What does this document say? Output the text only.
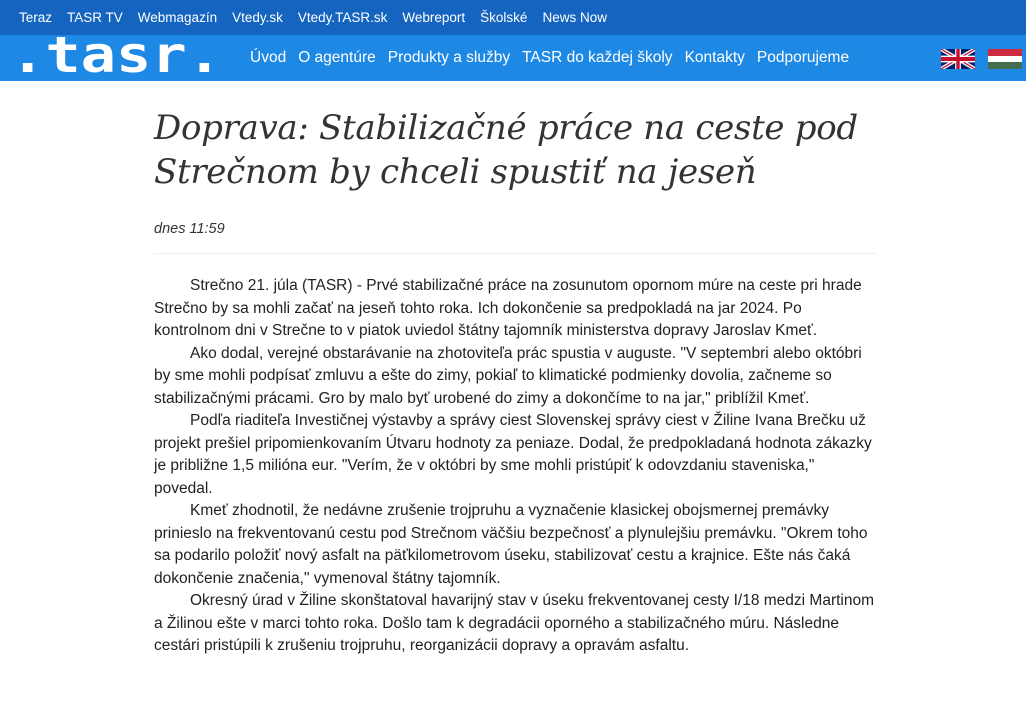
Teraz TASR TV Webmagazín Vtedy.sk Vtedy.TASR.sk Webreport Školské News Now
.tasr. Úvod O agentúre Produkty a služby TASR do každej školy Kontakty Podporujeme
Doprava: Stabilizačné práce na ceste pod Strečnom by chceli spustiť na jeseň
dnes 11:59

Strečno 21. júla (TASR) - Prvé stabilizačné práce na zosunutom opornom múre na ceste pri hrade Strečno by sa mohli začať na jeseň tohto roka. Ich dokončenie sa predpokladá na jar 2024. Po kontrolnom dni v Strečne to v piatok uviedol štátny tajomník ministerstva dopravy Jaroslav Kmeť.

Ako dodal, verejné obstarávanie na zhotoviteľa prác spustia v auguste. "V septembri alebo októbri by sme mohli podpísať zmluvu a ešte do zimy, pokiaľ to klimatické podmienky dovolia, začneme so stabilizačnými prácami. Gro by malo byť urobené do zimy a dokončíme to na jar," priblížil Kmeť.

Podľa riaditeľa Investičnej výstavby a správy ciest Slovenskej správy ciest v Žiline Ivana Brečku už projekt prešiel pripomienkovaním Útvaru hodnoty za peniaze. Dodal, že predpokladaná hodnota zákazky je približne 1,5 milióna eur. "Verím, že v októbri by sme mohli pristúpiť k odovzdaniu staveniska," povedal.

Kmeť zhodnotil, že nedávne zrušenie trojpruhu a vyznačenie klasickej obojsmernej premávky prinieslo na frekventovanú cestu pod Strečnom väčšiu bezpečnosť a plynulejšiu premávku. "Okrem toho sa podarilo položiť nový asfalt na päťkilometrovom úseku, stabilizovať cestu a krajnice. Ešte nás čaká dokončenie značenia," vymenoval štátny tajomník.

Okresný úrad v Žiline skonštatoval havarijný stav v úseku frekventovanej cesty I/18 medzi Martinom a Žilinou ešte v marci tohto roka. Došlo tam k degradácii oporného a stabilizačného múru. Následne cestári pristúpili k zrušeniu trojpruhu, reorganizácii dopravy a opravám asfaltu.
